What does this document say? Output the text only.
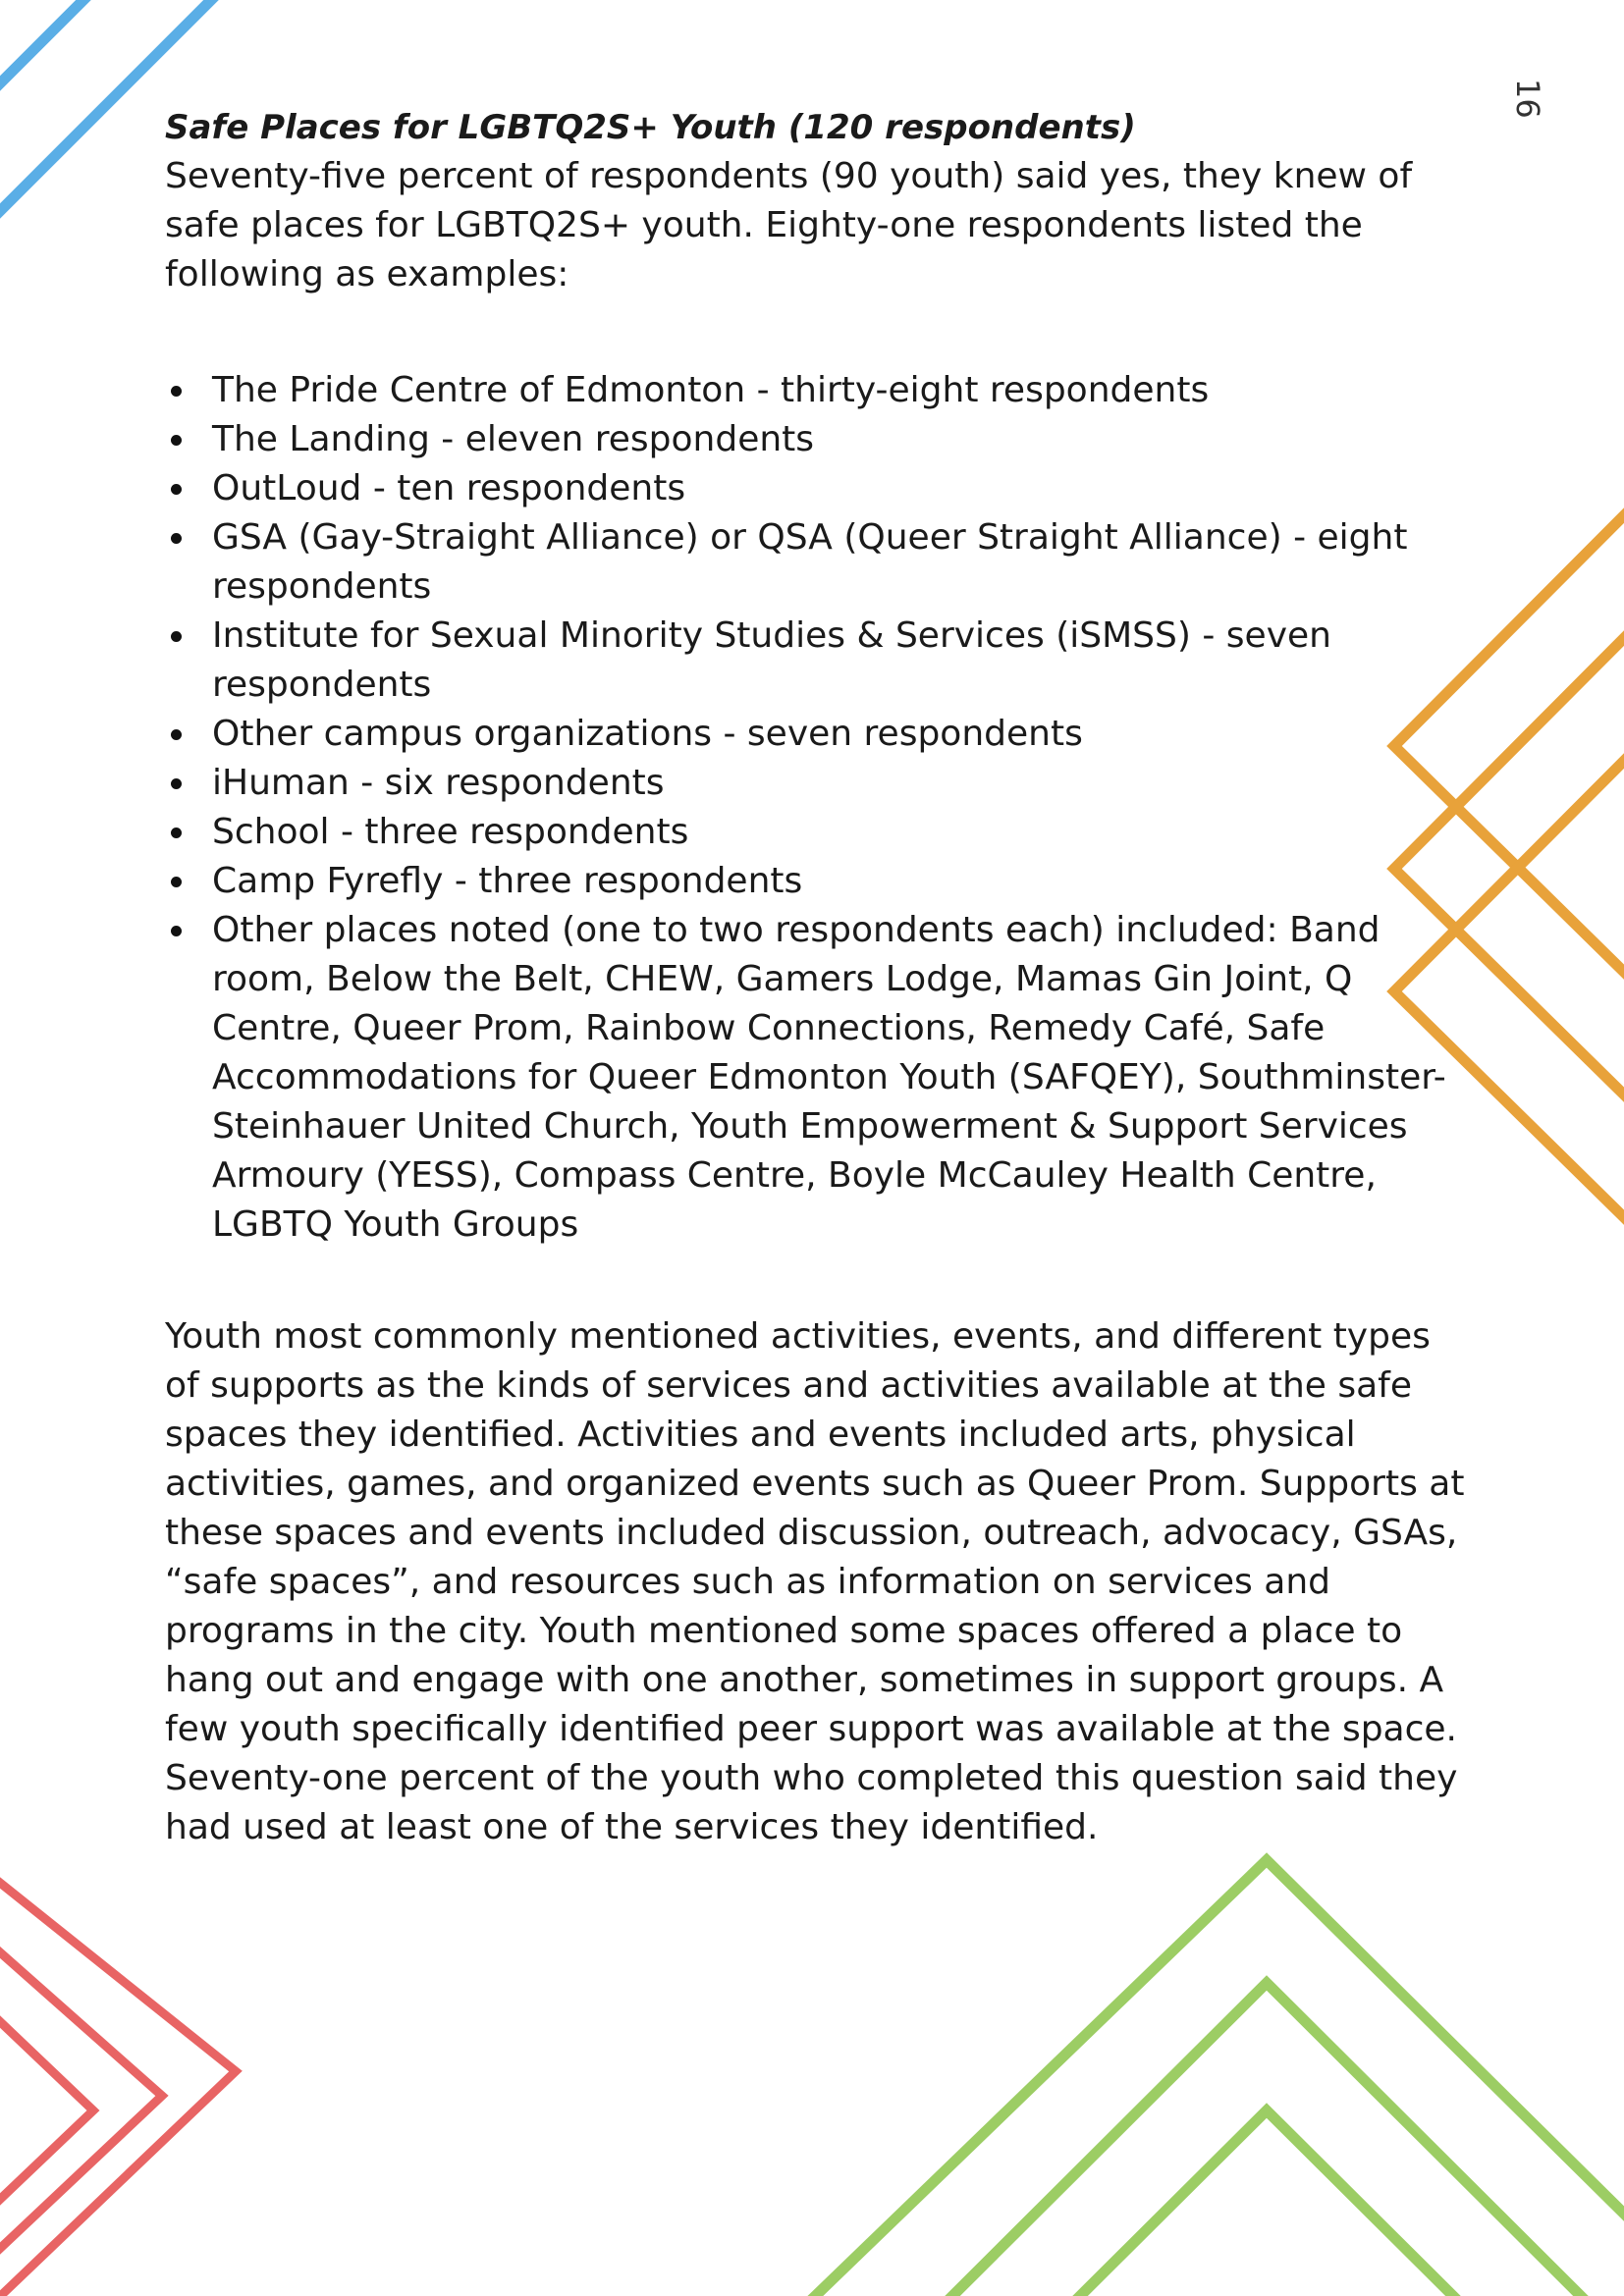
16
Safe Places for LGBTQ2S+ Youth (120 respondents)

Seventy-five percent of respondents (90 youth) said yes, they knew of safe places for LGBTQ2S+ youth. Eighty-one respondents listed the following as examples:

The Pride Centre of Edmonton - thirty-eight respondents
The Landing - eleven respondents
OutLoud - ten respondents
GSA (Gay-Straight Alliance) or QSA (Queer Straight Alliance) - eight respondents
Institute for Sexual Minority Studies & Services (iSMSS) - seven respondents
Other campus organizations - seven respondents
iHuman - six respondents
School - three respondents
Camp Fyrefly - three respondents
Other places noted (one to two respondents each) included: Band room, Below the Belt, CHEW, Gamers Lodge, Mamas Gin Joint, Q Centre, Queer Prom, Rainbow Connections, Remedy Café, Safe Accommodations for Queer Edmonton Youth (SAFQEY), Southminster-Steinhauer United Church, Youth Empowerment & Support Services Armoury (YESS), Compass Centre, Boyle McCauley Health Centre, LGBTQ Youth Groups

Youth most commonly mentioned activities, events, and different types of supports as the kinds of services and activities available at the safe spaces they identified. Activities and events included arts, physical activities, games, and organized events such as Queer Prom. Supports at these spaces and events included discussion, outreach, advocacy, GSAs, “safe spaces”, and resources such as information on services and programs in the city. Youth mentioned some spaces offered a place to hang out and engage with one another, sometimes in support groups. A few youth specifically identified peer support was available at the space. Seventy-one percent of the youth who completed this question said they had used at least one of the services they identified.
